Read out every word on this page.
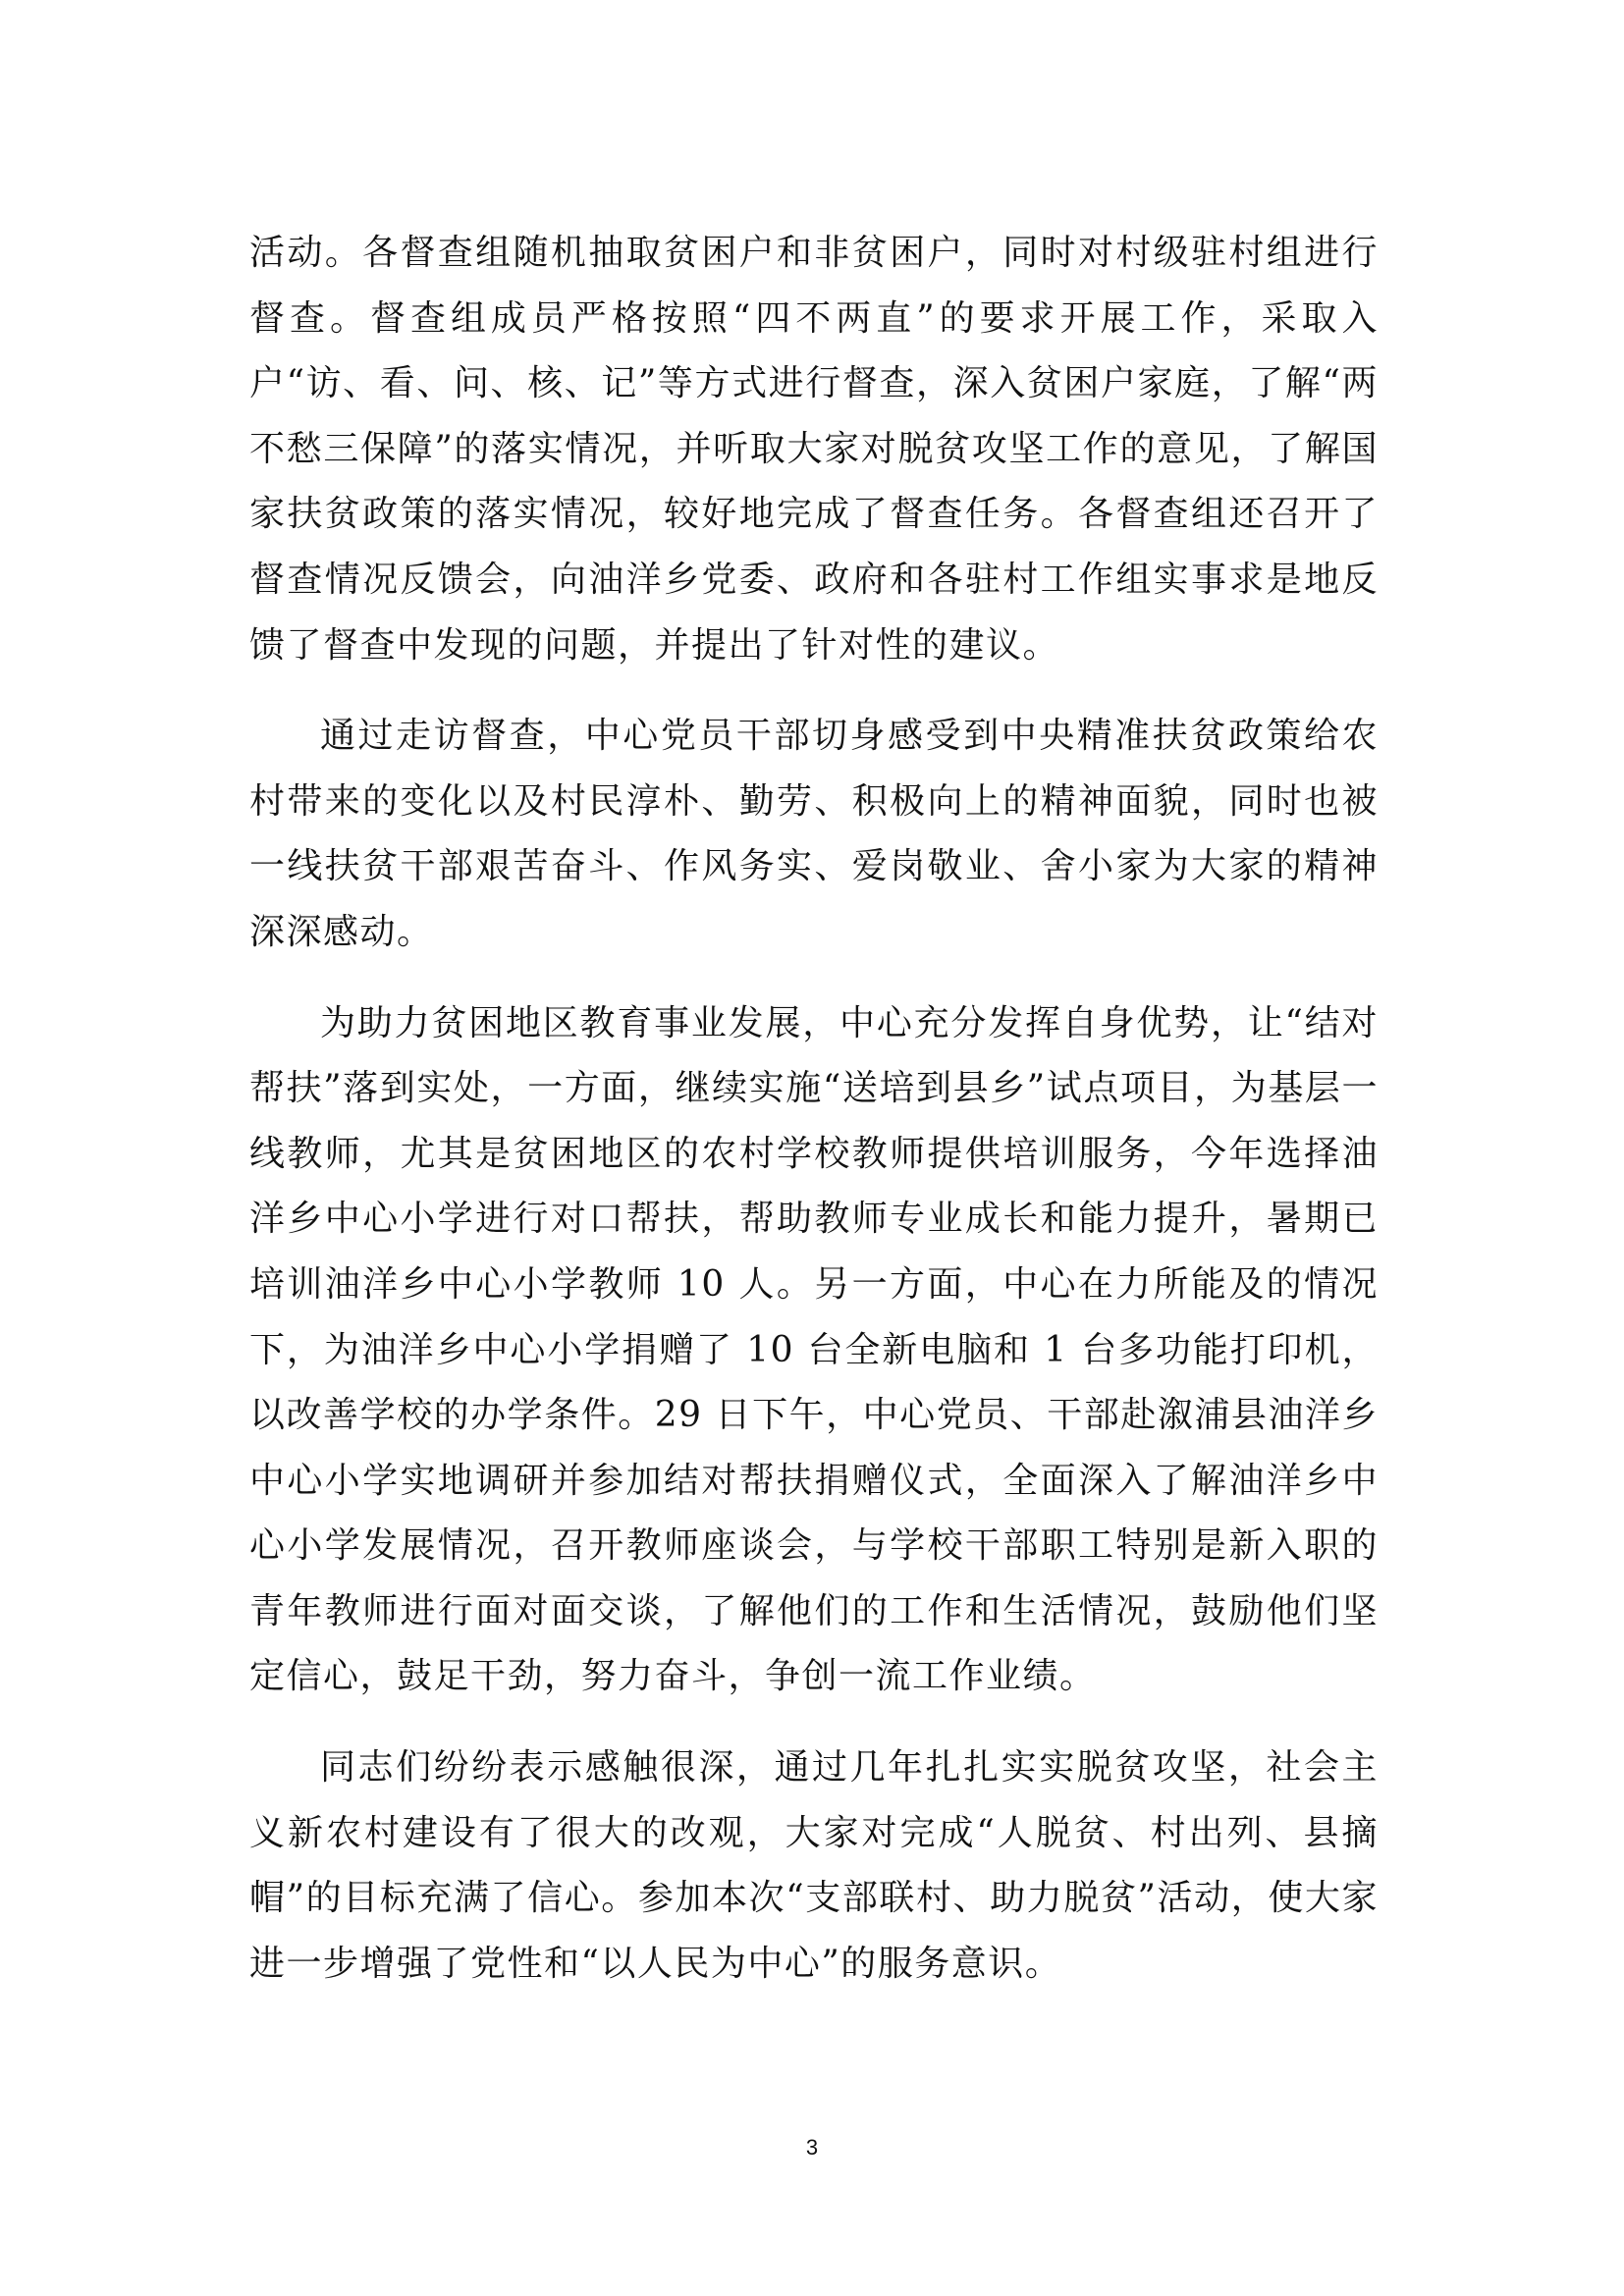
活动。各督查组随机抽取贫困户和非贫困户，同时对村级驻村组进行督查。督查组成员严格按照“四不两直”的要求开展工作，采取入户“访、看、问、核、记”等方式进行督查，深入贫困户家庭，了解“两不愁三保障”的落实情况，并听取大家对脱贫攻坚工作的意见，了解国家扶贫政策的落实情况，较好地完成了督查任务。各督查组还召开了督查情况反馈会，向油洋乡党委、政府和各驻村工作组实事求是地反馈了督查中发现的问题，并提出了针对性的建议。

通过走访督查，中心党员干部切身感受到中央精准扶贫政策给农村带来的变化以及村民淳朴、勤劳、积极向上的精神面貌，同时也被一线扶贫干部艰苦奋斗、作风务实、爱岗敬业、舍小家为大家的精神深深感动。

为助力贫困地区教育事业发展，中心充分发挥自身优势，让“结对帮扶”落到实处，一方面，继续实施“送培到县乡”试点项目，为基层一线教师，尤其是贫困地区的农村学校教师提供培训服务，今年选择油洋乡中心小学进行对口帮扶，帮助教师专业成长和能力提升，暑期已培训油洋乡中心小学教师 10 人。另一方面，中心在力所能及的情况下，为油洋乡中心小学捐赠了 10 台全新电脑和 1 台多功能打印机，以改善学校的办学条件。29 日下午，中心党员、干部赴溆浦县油洋乡中心小学实地调研并参加结对帮扶捐赠仪式，全面深入了解油洋乡中心小学发展情况，召开教师座谈会，与学校干部职工特别是新入职的青年教师进行面对面交谈，了解他们的工作和生活情况，鼓励他们坚定信心，鼓足干劲，努力奋斗，争创一流工作业绩。

同志们纷纷表示感触很深，通过几年扎扎实实脱贫攻坚，社会主义新农村建设有了很大的改观，大家对完成“人脱贫、村出列、县摘帽”的目标充满了信心。参加本次“支部联村、助力脱贫”活动，使大家进一步增强了党性和“以人民为中心”的服务意识。

3
